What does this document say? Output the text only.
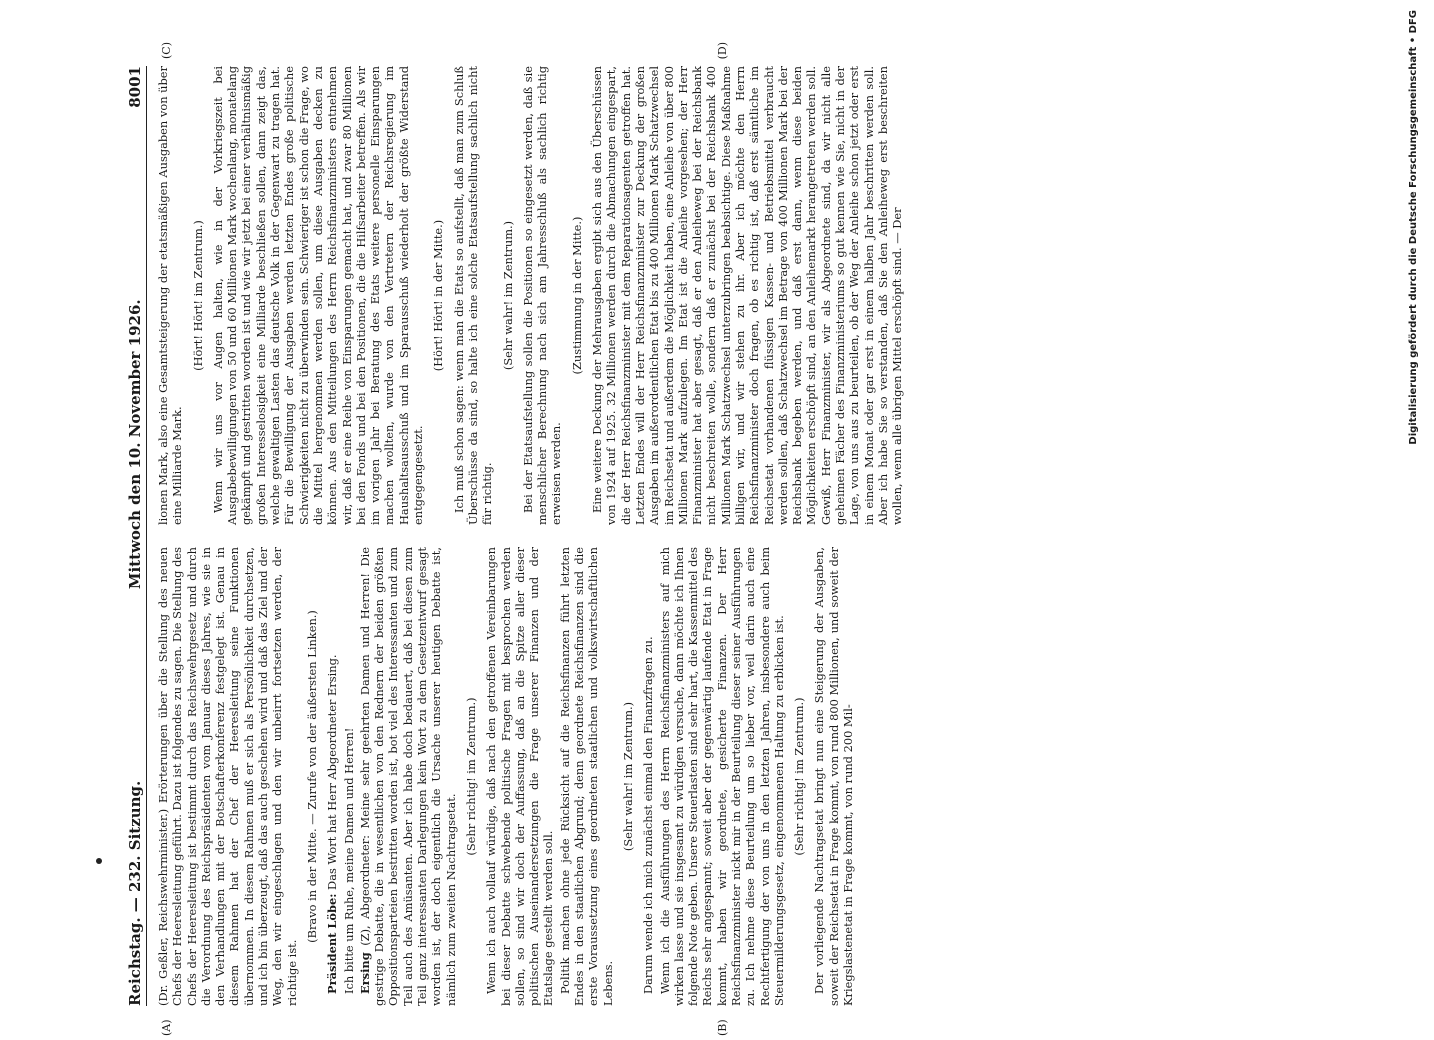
Reichstag. — 232. Sitzung.
Mittwoch den 10. November 1926.
8001
(A)	(B)

(Dr. Geßler, Reichswehrminister.) Erörterungen über die Stellung des neuen Chefs der Heeresleitung geführt. Dazu ist folgendes zu sagen. Die Stellung des Chefs der Heeresleitung ist bestimmt durch das Reichswehrgesetz und durch die Verordnung des Reichspräsidenten vom Januar dieses Jahres, wie sie in den Verhandlungen mit der Botschafterkonferenz festgelegt ist. Genau in diesem Rahmen hat der Chef der Heeresleitung seine Funktionen übernommen. In diesem Rahmen muß er sich als Persönlichkeit durchsetzen, und ich bin überzeugt, daß das auch geschehen wird und daß das Ziel und der Weg, den wir eingeschlagen und den wir unbeirrt fortsetzen werden, der richtige ist.

(Bravo in der Mitte. — Zurufe von der äußersten Linken.)

Präsident Löbe: Das Wort hat Herr Abgeordneter Ersing. Ich bitte um Ruhe, meine Damen und Herren! Ersing (Z), Abgeordneter: Meine sehr geehrten Damen und Herren! Die gestrige Debatte, die in wesentlichen von den Rednern der beiden größten Oppositionsparteien bestritten worden ist, bot viel des Interessanten und zum Teil auch des Amüsanten. Aber ich habe doch bedauert, daß bei diesen zum Teil ganz interessanten Darlegungen kein Wort zu dem Gesetzentwurf gesagt worden ist, der doch eigentlich die Ursache unserer heutigen Debatte ist, nämlich zum zweiten Nachtragsetat.

(Sehr richtig! im Zentrum.) Wenn ich auch vollauf würdige, daß nach den getroffenen Vereinbarungen bei dieser Debatte schwebende politische Fragen mit besprochen werden sollen, so sind wir doch der Auffassung, daß an die Spitze aller dieser politischen Auseinandersetzungen die Frage unserer Finanzen und der Etatslage gestellt werden soll. Politik machen ohne jede Rücksicht auf die Reichsfinanzen führt letzten Endes in den staatlichen Abgrund; denn geordnete Reichsfinanzen sind die erste Voraussetzung eines geordneten staatlichen und volkswirtschaftlichen Lebens.

(Sehr wahr! im Zentrum.) Darum wende ich mich zunächst einmal den Finanzfragen zu. Wenn ich die Ausführungen des Herrn Reichsfinanzministers auf mich wirken lasse und sie insgesamt zu würdigen versuche, dann möchte ich Ihnen folgende Note geben. Unsere Steuerlasten sind sehr hart, die Kassenmittel des Reichs sehr angespannt; soweit aber der gegenwärtig laufende Etat in Frage kommt, haben wir geordnete, gesicherte Finanzen. Der Herr Reichsfinanzminister nickt mir in der Beurteilung dieser seiner Ausführungen zu. Ich nehme diese Beurteilung um so lieber vor, weil darin auch eine Rechtfertigung der von uns in den letzten Jahren, insbesondere auch beim Steuermilderungsgesetz, eingenommenen Haltung zu erblicken ist. (Sehr richtig! im Zentrum.) Der vorliegende Nachtragsetat bringt nun eine Steigerung der Ausgaben, soweit der Reichsetat in Frage kommt, von rund 800 Millionen, und soweit der Kriegslastenetat in Frage kommt, von rund 200 Mil-

(C)	(D)

lionen Mark, also eine Gesamtsteigerung der etatsmäßigen Ausgaben von über eine Milliarde Mark.

(Hört! Hört! im Zentrum.) Wenn wir uns vor Augen halten, wie in der Vorkriegszeit bei Ausgabebewilligungen von 50 und 60 Millionen Mark wochenlang, monatelang gekämpft und gestritten worden ist und wie wir jetzt bei einer verhältnismäßig großen Interesselosigkeit eine Milliarde beschließen sollen, dann zeigt das, welche gewaltigen Lasten das deutsche Volk in der Gegenwart zu tragen hat. Für die Bewilligung der Ausgaben werden letzten Endes große politische Schwierigkeiten nicht zu überwinden sein. Schwieriger ist schon die Frage, wo die Mittel hergenommen werden sollen, um diese Ausgaben decken zu können. Aus den Mitteilungen des Herrn Reichsfinanzministers entnehmen wir, daß er eine Reihe von Einsparungen gemacht hat, und zwar 80 Millionen bei den Fonds und bei den Positionen, die die Hilfsarbeiter betreffen. Als wir im vorigen Jahr bei Beratung des Etats weitere personelle Einsparungen machen wollten, wurde von den Vertretern der Reichsregierung im Haushaltsausschuß und im Sparausschuß wiederholt der größte Widerstand entgegengesetzt.

(Hört! Hört! in der Mitte.) Ich muß schon sagen: wenn man die Etats so aufstellt, daß man zum Schluß Überschüsse da sind, so halte ich eine solche Etatsaufstellung sachlich nicht für richtig.

(Sehr wahr! im Zentrum.) Bei der Etatsaufstellung sollen die Positionen so eingesetzt werden, daß sie menschlicher Berechnung nach sich am Jahresschluß als sachlich richtig erweisen werden.

(Zustimmung in der Mitte.) Eine weitere Deckung der Mehrausgaben ergibt sich aus den Überschüssen von 1924 auf 1925. 32 Millionen werden durch die Abmachungen eingespart, die der Herr Reichsfinanzminister mit dem Reparationsagenten getroffen hat. Letzten Endes will der Herr Reichsfinanzminister zur Deckung der großen Ausgaben im außerordentlichen Etat bis zu 400 Millionen Mark Schatzwechsel im Reichsetat und außerdem die Möglichkeit haben, eine Anleihe von über 800 Millionen Mark aufzulegen. Im Etat ist die Anleihe vorgesehen; der Herr Finanzminister hat aber gesagt, daß er den Anleiheweg bei der Reichsbank nicht beschreiten wolle, sondern daß er zunächst bei der Reichsbank 400 Millionen Mark Schatzwechsel unterzubringen beabsichtige. Diese Maßnahme billigen wir, und wir stehen zu ihr. Aber ich möchte den Herrn Reichsfinanzminister doch fragen, ob es richtig ist, daß erst sämtliche im Reichsetat vorhandenen flüssigen Kassen- und Betriebsmittel verbraucht werden sollen, daß Schatzwechsel im Betrage von 400 Millionen Mark bei der Reichsbank begeben werden, und daß erst dann, wenn diese beiden Möglichkeiten erschöpft sind, an den Anleihemarkt herangetreten werden soll. Gewiß, Herr Finanzminister, wir als Abgeordnete sind, da wir nicht alle geheimen Fächer des Finanzministeriums so gut kennen wie Sie, nicht in der Lage, von uns aus zu beurteilen, ob der Weg der Anleihe schon jetzt oder erst in einem Monat oder gar erst in einem halben Jahr beschritten werden soll. Aber ich habe Sie so verstanden, daß Sie den Anleiheweg erst beschreiten wollen, wenn alle übrigen Mittel erschöpft sind. — Der	Digitalisierung gefördert durch die Deutsche Forschungsgemeinschaft • DFG
